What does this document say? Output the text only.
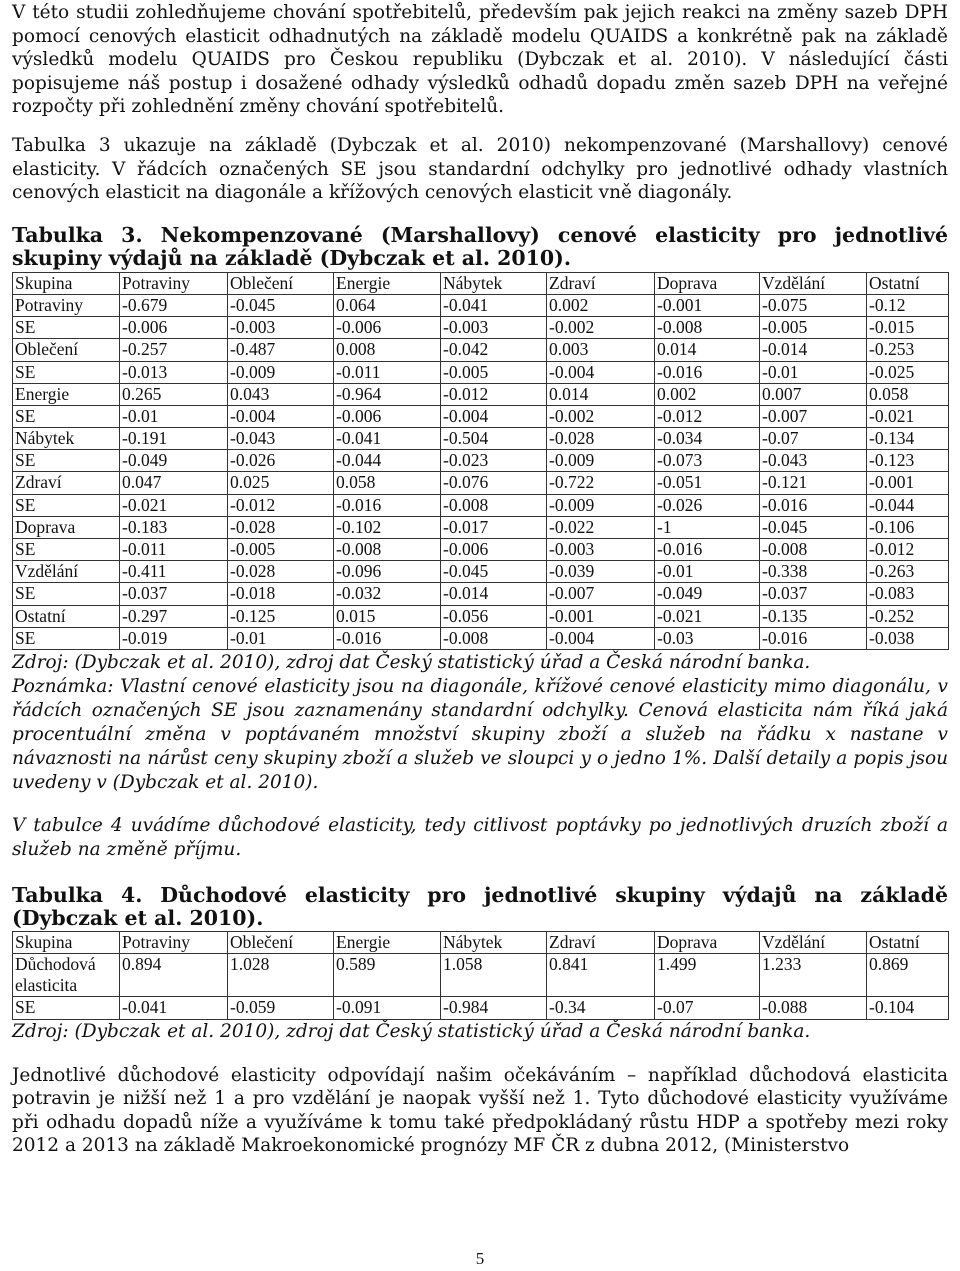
V této studii zohledňujeme chování spotřebitelů, především pak jejich reakci na změny sazeb DPH pomocí cenových elasticit odhadnutých na základě modelu QUAIDS a konkrétně pak na základě výsledků modelu QUAIDS pro Českou republiku (Dybczak et al. 2010). V následující části popisujeme náš postup i dosažené odhady výsledků odhadů dopadu změn sazeb DPH na veřejné rozpočty při zohlednění změny chování spotřebitelů.

Tabulka 3 ukazuje na základě (Dybczak et al. 2010) nekompenzované (Marshallovy) cenové elasticity. V řádcích označených SE jsou standardní odchylky pro jednotlivé odhady vlastních cenových elasticit na diagonále a křížových cenových elasticit vně diagonály.

Tabulka 3. Nekompenzované (Marshallovy) cenové elasticity pro jednotlivé skupiny výdajů na základě (Dybczak et al. 2010).
Skupina	Potraviny	Oblečení	Energie	Nábytek	Zdraví	Doprava	Vzdělání	Ostatní
Potraviny	-0.679	-0.045	0.064	-0.041	0.002	-0.001	-0.075	-0.12
SE	-0.006	-0.003	-0.006	-0.003	-0.002	-0.008	-0.005	-0.015
Oblečení	-0.257	-0.487	0.008	-0.042	0.003	0.014	-0.014	-0.253
SE	-0.013	-0.009	-0.011	-0.005	-0.004	-0.016	-0.01	-0.025
Energie	0.265	0.043	-0.964	-0.012	0.014	0.002	0.007	0.058
SE	-0.01	-0.004	-0.006	-0.004	-0.002	-0.012	-0.007	-0.021
Nábytek	-0.191	-0.043	-0.041	-0.504	-0.028	-0.034	-0.07	-0.134
SE	-0.049	-0.026	-0.044	-0.023	-0.009	-0.073	-0.043	-0.123
Zdraví	0.047	0.025	0.058	-0.076	-0.722	-0.051	-0.121	-0.001
SE	-0.021	-0.012	-0.016	-0.008	-0.009	-0.026	-0.016	-0.044
Doprava	-0.183	-0.028	-0.102	-0.017	-0.022	-1	-0.045	-0.106
SE	-0.011	-0.005	-0.008	-0.006	-0.003	-0.016	-0.008	-0.012
Vzdělání	-0.411	-0.028	-0.096	-0.045	-0.039	-0.01	-0.338	-0.263
SE	-0.037	-0.018	-0.032	-0.014	-0.007	-0.049	-0.037	-0.083
Ostatní	-0.297	-0.125	0.015	-0.056	-0.001	-0.021	-0.135	-0.252
SE	-0.019	-0.01	-0.016	-0.008	-0.004	-0.03	-0.016	-0.038

Zdroj: (Dybczak et al. 2010), zdroj dat Český statistický úřad a Česká národní banka.

Poznámka: Vlastní cenové elasticity jsou na diagonále, křížové cenové elasticity mimo diagonálu, v řádcích označených SE jsou zaznamenány standardní odchylky. Cenová elasticita nám říká jaká procentuální změna v poptávaném množství skupiny zboží a služeb na řádku x nastane v návaznosti na nárůst ceny skupiny zboží a služeb ve sloupci y o jedno 1%. Další detaily a popis jsou uvedeny v (Dybczak et al. 2010).

V tabulce 4 uvádíme důchodové elasticity, tedy citlivost poptávky po jednotlivých druzích zboží a služeb na změně příjmu.

Tabulka 4. Důchodové elasticity pro jednotlivé skupiny výdajů na základě (Dybczak et al. 2010).
Skupina	Potraviny	Oblečení	Energie	Nábytek	Zdraví	Doprava	Vzdělání	Ostatní
Důchodová elasticita	0.894	1.028	0.589	1.058	0.841	1.499	1.233	0.869
SE	-0.041	-0.059	-0.091	-0.984	-0.34	-0.07	-0.088	-0.104

Zdroj: (Dybczak et al. 2010), zdroj dat Český statistický úřad a Česká národní banka.

Jednotlivé důchodové elasticity odpovídají našim očekáváním – například důchodová elasticita potravin je nižší než 1 a pro vzdělání je naopak vyšší než 1. Tyto důchodové elasticity využíváme při odhadu dopadů níže a využíváme k tomu také předpokládaný růstu HDP a spotřeby mezi roky 2012 a 2013 na základě Makroekonomické prognózy MF ČR z dubna 2012, (Ministerstvo

5
